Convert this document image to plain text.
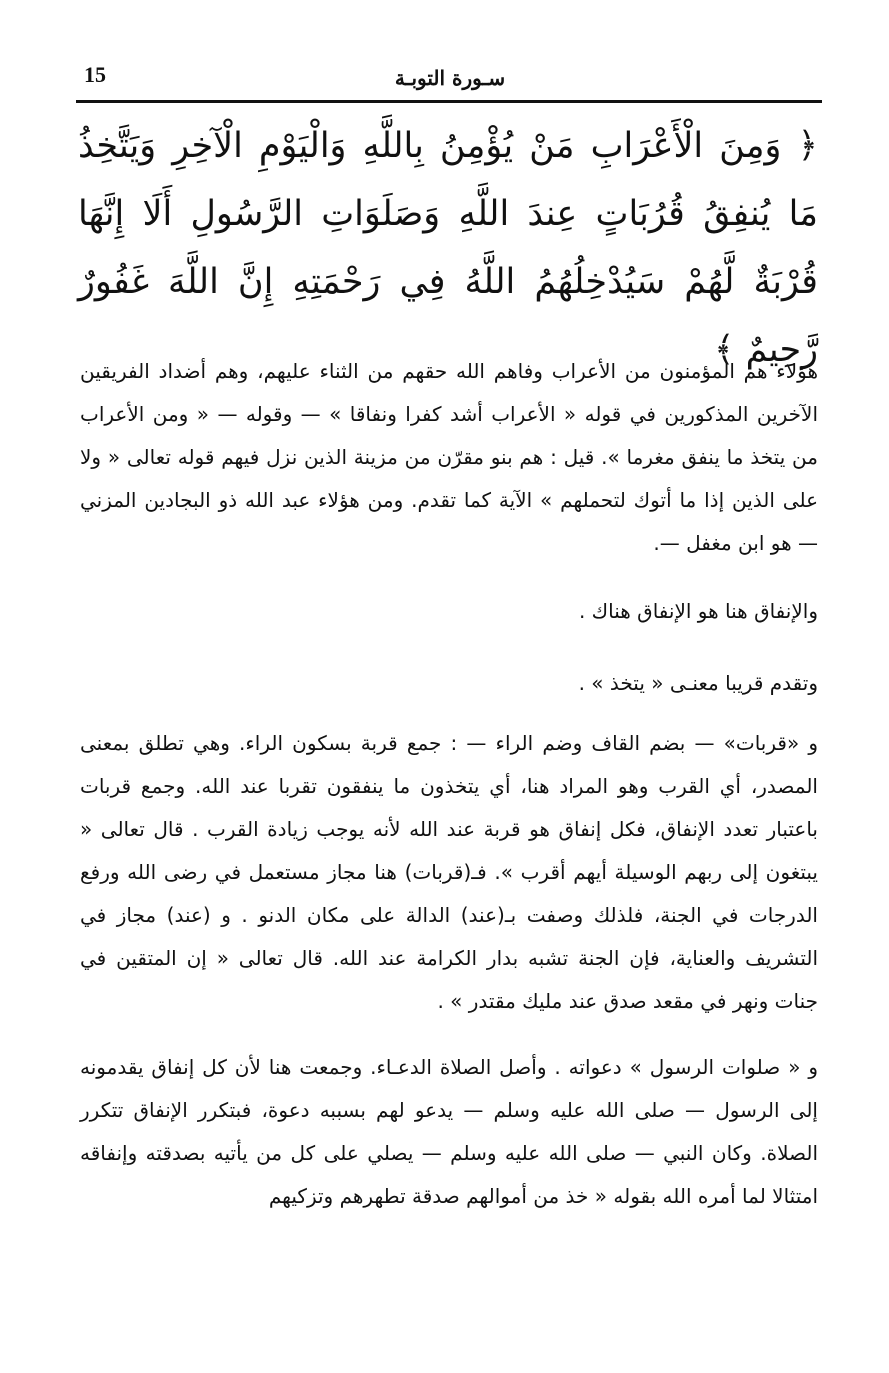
15	سـورة التوبـة
﴿ وَمِنَ الْأَعْرَابِ مَنْ يُؤْمِنُ بِاللَّهِ وَالْيَوْمِ الْآخِرِ وَيَتَّخِذُ مَا يُنفِقُ قُرُبَاتٍ عِندَ اللَّهِ وَصَلَوَاتِ الرَّسُولِ أَلَا إِنَّهَا قُرْبَةٌ لَّهُمْ سَيُدْخِلُهُمُ اللَّهُ فِي رَحْمَتِهِ إِنَّ اللَّهَ غَفُورٌ رَّحِيمٌ ﴾

هؤلاء هم المؤمنون من الأعراب وفاهم الله حقهم من الثناء عليهم، وهم أضداد الفريقين الآخرين المذكورين في قوله « الأعراب أشد كفرا ونفاقا » — وقوله — « ومن الأعراب من يتخذ ما ينفق مغرما ». قيل : هم بنو مقرّن من مزينة الذين نزل فيهم قوله تعالى « ولا على الذين إذا ما أتوك لتحملهم » الآية كما تقدم. ومن هؤلاء عبد الله ذو البجادين المزني — هو ابن مغفل —.

والإنفاق هنا هو الإنفاق هناك .

وتقدم قريبا معنـى « يتخذ » .

و «قربات» — بضم القاف وضم الراء — : جمع قربة بسكون الراء. وهي تطلق بمعنى المصدر، أي القرب وهو المراد هنا، أي يتخذون ما ينفقون تقربا عند الله. وجمع قربات باعتبار تعدد الإنفاق، فكل إنفاق هو قربة عند الله لأنه يوجب زيادة القرب . قال تعالى « يبتغون إلى ربهم الوسيلة أيهم أقرب ». فـ(قربات) هنا مجاز مستعمل في رضى الله ورفع الدرجات في الجنة، فلذلك وصفت بـ(عند) الدالة على مكان الدنو . و (عند) مجاز في التشريف والعناية، فإن الجنة تشبه بدار الكرامة عند الله. قال تعالى « إن المتقين في جنات ونهر في مقعد صدق عند مليك مقتدر » .

و « صلوات الرسول » دعواته . وأصل الصلاة الدعـاء. وجمعت هنا لأن كل إنفاق يقدمونه إلى الرسول — صلى الله عليه وسلم — يدعو لهم بسببه دعوة، فبتكرر الإنفاق تتكرر الصلاة. وكان النبي — صلى الله عليه وسلم — يصلي على كل من يأتيه بصدقته وإنفاقه امتثالا لما أمره الله بقوله « خذ من أموالهم صدقة تطهرهم وتزكيهم
